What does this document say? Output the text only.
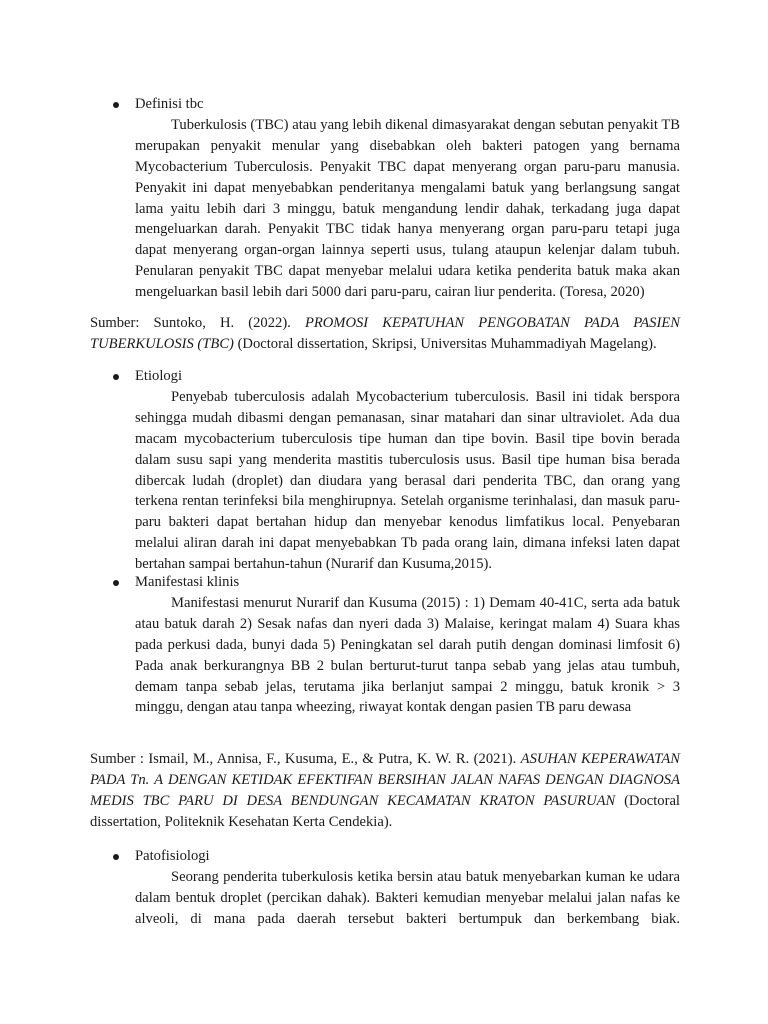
Definisi tbc
Tuberkulosis (TBC) atau yang lebih dikenal dimasyarakat dengan sebutan penyakit TB merupakan penyakit menular yang disebabkan oleh bakteri patogen yang bernama Mycobacterium Tuberculosis. Penyakit TBC dapat menyerang organ paru-paru manusia. Penyakit ini dapat menyebabkan penderitanya mengalami batuk yang berlangsung sangat lama yaitu lebih dari 3 minggu, batuk mengandung lendir dahak, terkadang juga dapat mengeluarkan darah. Penyakit TBC tidak hanya menyerang organ paru-paru tetapi juga dapat menyerang organ-organ lainnya seperti usus, tulang ataupun kelenjar dalam tubuh. Penularan penyakit TBC dapat menyebar melalui udara ketika penderita batuk maka akan mengeluarkan basil lebih dari 5000 dari paru-paru, cairan liur penderita. (Toresa, 2020)
Sumber: Suntoko, H. (2022). PROMOSI KEPATUHAN PENGOBATAN PADA PASIEN TUBERKULOSIS (TBC) (Doctoral dissertation, Skripsi, Universitas Muhammadiyah Magelang).
Etiologi
Penyebab tuberculosis adalah Mycobacterium tuberculosis. Basil ini tidak berspora sehingga mudah dibasmi dengan pemanasan, sinar matahari dan sinar ultraviolet. Ada dua macam mycobacterium tuberculosis tipe human dan tipe bovin. Basil tipe bovin berada dalam susu sapi yang menderita mastitis tuberculosis usus. Basil tipe human bisa berada dibercak ludah (droplet) dan diudara yang berasal dari penderita TBC, dan orang yang terkena rentan terinfeksi bila menghirupnya. Setelah organisme terinhalasi, dan masuk paru-paru bakteri dapat bertahan hidup dan menyebar kenodus limfatikus local. Penyebaran melalui aliran darah ini dapat menyebabkan Tb pada orang lain, dimana infeksi laten dapat bertahan sampai bertahun-tahun (Nurarif dan Kusuma,2015).
Manifestasi klinis
Manifestasi menurut Nurarif dan Kusuma (2015) : 1) Demam 40-41C, serta ada batuk atau batuk darah 2) Sesak nafas dan nyeri dada 3) Malaise, keringat malam 4) Suara khas pada perkusi dada, bunyi dada 5) Peningkatan sel darah putih dengan dominasi limfosit 6) Pada anak berkurangnya BB 2 bulan berturut-turut tanpa sebab yang jelas atau tumbuh, demam tanpa sebab jelas, terutama jika berlanjut sampai 2 minggu, batuk kronik > 3 minggu, dengan atau tanpa wheezing, riwayat kontak dengan pasien TB paru dewasa
Sumber : Ismail, M., Annisa, F., Kusuma, E., & Putra, K. W. R. (2021). ASUHAN KEPERAWATAN PADA Tn. A DENGAN KETIDAK EFEKTIFAN BERSIHAN JALAN NAFAS DENGAN DIAGNOSA MEDIS TBC PARU DI DESA BENDUNGAN KECAMATAN KRATON PASURUAN (Doctoral dissertation, Politeknik Kesehatan Kerta Cendekia).
Patofisiologi
Seorang penderita tuberkulosis ketika bersin atau batuk menyebarkan kuman ke udara dalam bentuk droplet (percikan dahak). Bakteri kemudian menyebar melalui jalan nafas ke alveoli, di mana pada daerah tersebut bakteri bertumpuk dan berkembang biak.
